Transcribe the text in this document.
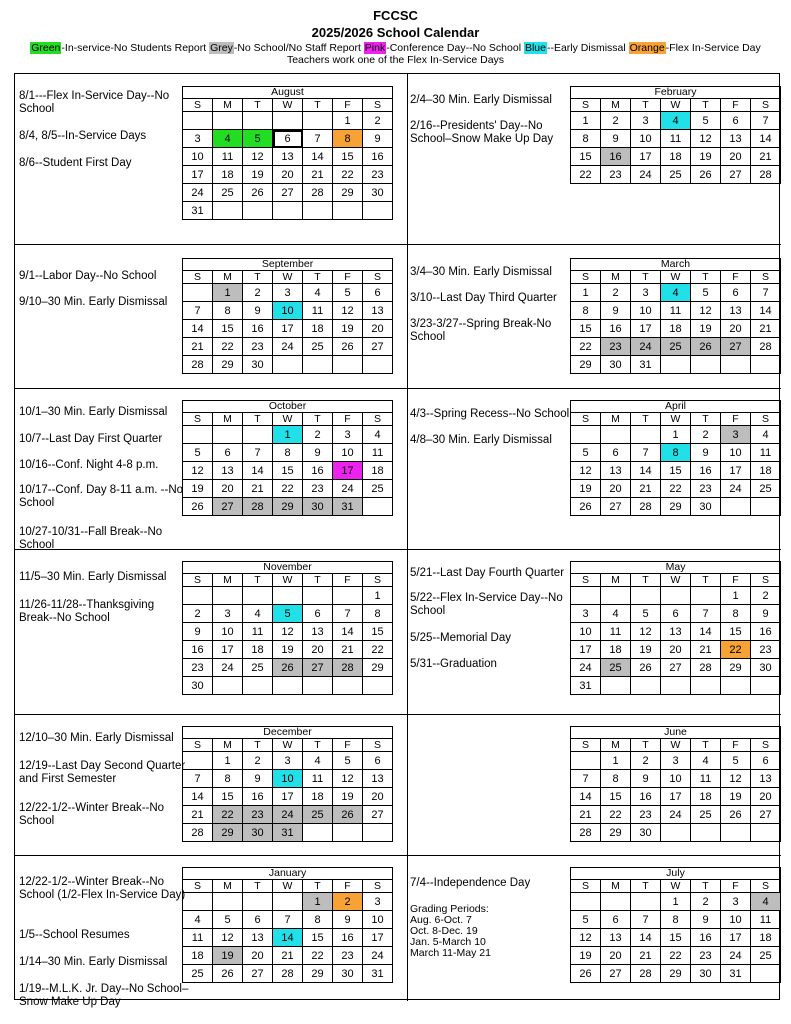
FCCSC
2025/2026 School Calendar
Green-In-service-No Students Report Grey-No School/No Staff Report Pink-Conference Day--No School Blue--Early Dismissal Orange-Flex In-Service Day
Teachers work one of the Flex In-Service Days
August						
S	M	T	W	T	F	S
					1	2
3	4	5	6	7	8	9
10	11	12	13	14	15	16
17	18	19	20	21	22	23
24	25	26	27	28	29	30
31						
8/1---Flex In-Service Day--No School
8/4, 8/5--In-Service Days
8/6--Student First Day
February						
S	M	T	W	T	F	S
1	2	3	4	5	6	7
8	9	10	11	12	13	14
15	16	17	18	19	20	21
22	23	24	25	26	27	28
2/4–30 Min. Early Dismissal
2/16--Presidents' Day--No School–Snow Make Up Day
September						
S	M	T	W	T	F	S
	1	2	3	4	5	6
7	8	9	10	11	12	13
14	15	16	17	18	19	20
21	22	23	24	25	26	27
28	29	30				
9/1--Labor Day--No School
9/10–30 Min. Early Dismissal
March						
S	M	T	W	T	F	S
1	2	3	4	5	6	7
8	9	10	11	12	13	14
15	16	17	18	19	20	21
22	23	24	25	26	27	28
29	30	31				
3/4–30 Min. Early Dismissal
3/10--Last Day Third Quarter
3/23-3/27--Spring Break-No School
October						
S	M	T	W	T	F	S
			1	2	3	4
5	6	7	8	9	10	11
12	13	14	15	16	17	18
19	20	21	22	23	24	25
26	27	28	29	30	31	
10/1–30 Min. Early Dismissal
10/7--Last Day First Quarter
10/16--Conf. Night 4-8 p.m.
10/17--Conf. Day 8-11 a.m. --No School
10/27-10/31--Fall Break--No School
April						
S	M	T	W	T	F	S
			1	2	3	4
5	6	7	8	9	10	11
12	13	14	15	16	17	18
19	20	21	22	23	24	25
26	27	28	29	30		
4/3--Spring Recess--No School
4/8–30 Min. Early Dismissal
November						
S	M	T	W	T	F	S
						1
2	3	4	5	6	7	8
9	10	11	12	13	14	15
16	17	18	19	20	21	22
23	24	25	26	27	28	29
30						
11/5–30 Min. Early Dismissal
11/26-11/28--Thanksgiving Break--No School
May						
S	M	T	W	T	F	S
					1	2
3	4	5	6	7	8	9
10	11	12	13	14	15	16
17	18	19	20	21	22	23
24	25	26	27	28	29	30
31						
5/21--Last Day Fourth Quarter
5/22--Flex In-Service Day--No School
5/25--Memorial Day
5/31--Graduation
December						
S	M	T	W	T	F	S
	1	2	3	4	5	6
7	8	9	10	11	12	13
14	15	16	17	18	19	20
21	22	23	24	25	26	27
28	29	30	31			
12/10–30 Min. Early Dismissal
12/19--Last Day Second Quarter and First Semester
12/22-1/2--Winter Break--No School
June						
S	M	T	W	T	F	S
	1	2	3	4	5	6
7	8	9	10	11	12	13
14	15	16	17	18	19	20
21	22	23	24	25	26	27
28	29	30				
January						
S	M	T	W	T	F	S
				1	2	3
4	5	6	7	8	9	10
11	12	13	14	15	16	17
18	19	20	21	22	23	24
25	26	27	28	29	30	31
12/22-1/2--Winter Break--No School (1/2-Flex In-Service Day)
1/5--School Resumes
1/14–30 Min. Early Dismissal
1/19--M.L.K. Jr. Day--No School–Snow Make Up Day
July						
S	M	T	W	T	F	S
			1	2	3	4
5	6	7	8	9	10	11
12	13	14	15	16	17	18
19	20	21	22	23	24	25
26	27	28	29	30	31	
7/4--Independence Day
Grading Periods:
Aug. 6-Oct. 7
Oct. 8-Dec. 19
Jan. 5-March 10
March 11-May 21
